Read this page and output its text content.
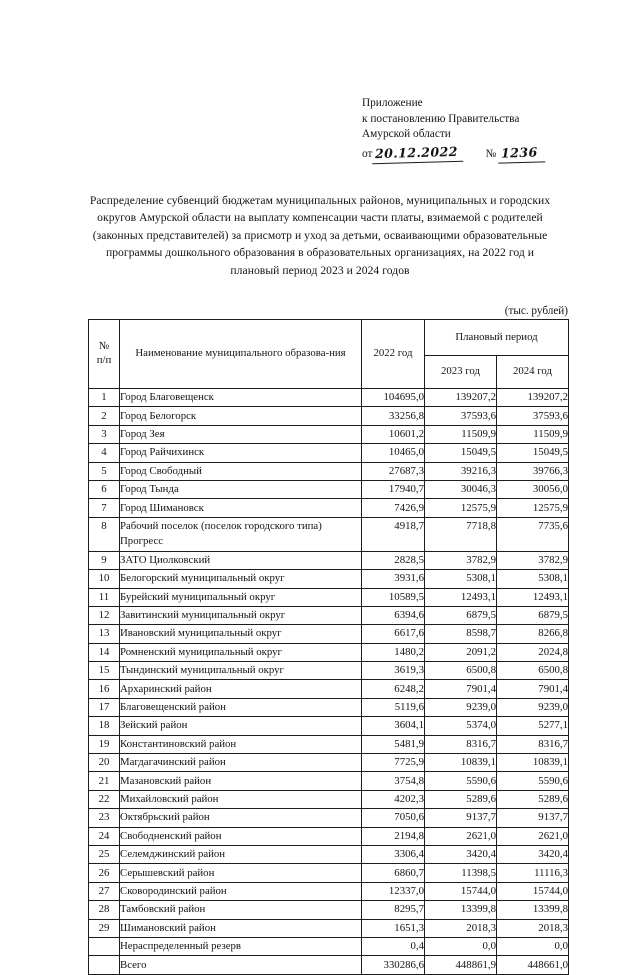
Приложение
к постановлению Правительства
Амурской области
от 20.12.2022	№ 1236
Распределение субвенций бюджетам муниципальных районов, муниципальных и городских округов Амурской области на выплату компенсации части платы, взимаемой с родителей (законных представителей) за присмотр и уход за детьми, осваивающими образовательные программы дошкольного образования в образовательных организациях, на 2022 год и плановый период 2023 и 2024 годов
(тыс. рублей)
№
п/п	Наименование муниципального образова-ния	2022 год	Плановый период	
			2023 год	2024 год
1	Город Благовещенск	104695,0	139207,2	139207,2
2	Город Белогорск	33256,8	37593,6	37593,6
3	Город Зея	10601,2	11509,9	11509,9
4	Город Райчихинск	10465,0	15049,5	15049,5
5	Город Свободный	27687,3	39216,3	39766,3
6	Город Тында	17940,7	30046,3	30056,0
7	Город Шимановск	7426,9	12575,9	12575,9
8	Рабочий поселок (поселок городского типа) Прогресс	4918,7	7718,8	7735,6
9	ЗАТО Циолковский	2828,5	3782,9	3782,9
10	Белогорский муниципальный округ	3931,6	5308,1	5308,1
11	Бурейский муниципальный округ	10589,5	12493,1	12493,1
12	Завитинский муниципальный округ	6394,6	6879,5	6879,5
13	Ивановский муниципальный округ	6617,6	8598,7	8266,8
14	Ромненский муниципальный округ	1480,2	2091,2	2024,8
15	Тындинский муниципальный округ	3619,3	6500,8	6500,8
16	Архаринский район	6248,2	7901,4	7901,4
17	Благовещенский район	5119,6	9239,0	9239,0
18	Зейский район	3604,1	5374,0	5277,1
19	Константиновский район	5481,9	8316,7	8316,7
20	Магдагачинский район	7725,9	10839,1	10839,1
21	Мазановский район	3754,8	5590,6	5590,6
22	Михайловский район	4202,3	5289,6	5289,6
23	Октябрьский район	7050,6	9137,7	9137,7
24	Свободненский район	2194,8	2621,0	2621,0
25	Селемджинский район	3306,4	3420,4	3420,4
26	Серышевский район	6860,7	11398,5	11116,3
27	Сковородинский район	12337,0	15744,0	15744,0
28	Тамбовский район	8295,7	13399,8	13399,8
29	Шимановский район	1651,3	2018,3	2018,3
	Нераспределенный резерв	0,4	0,0	0,0
	Всего	330286,6	448861,9	448661,0
